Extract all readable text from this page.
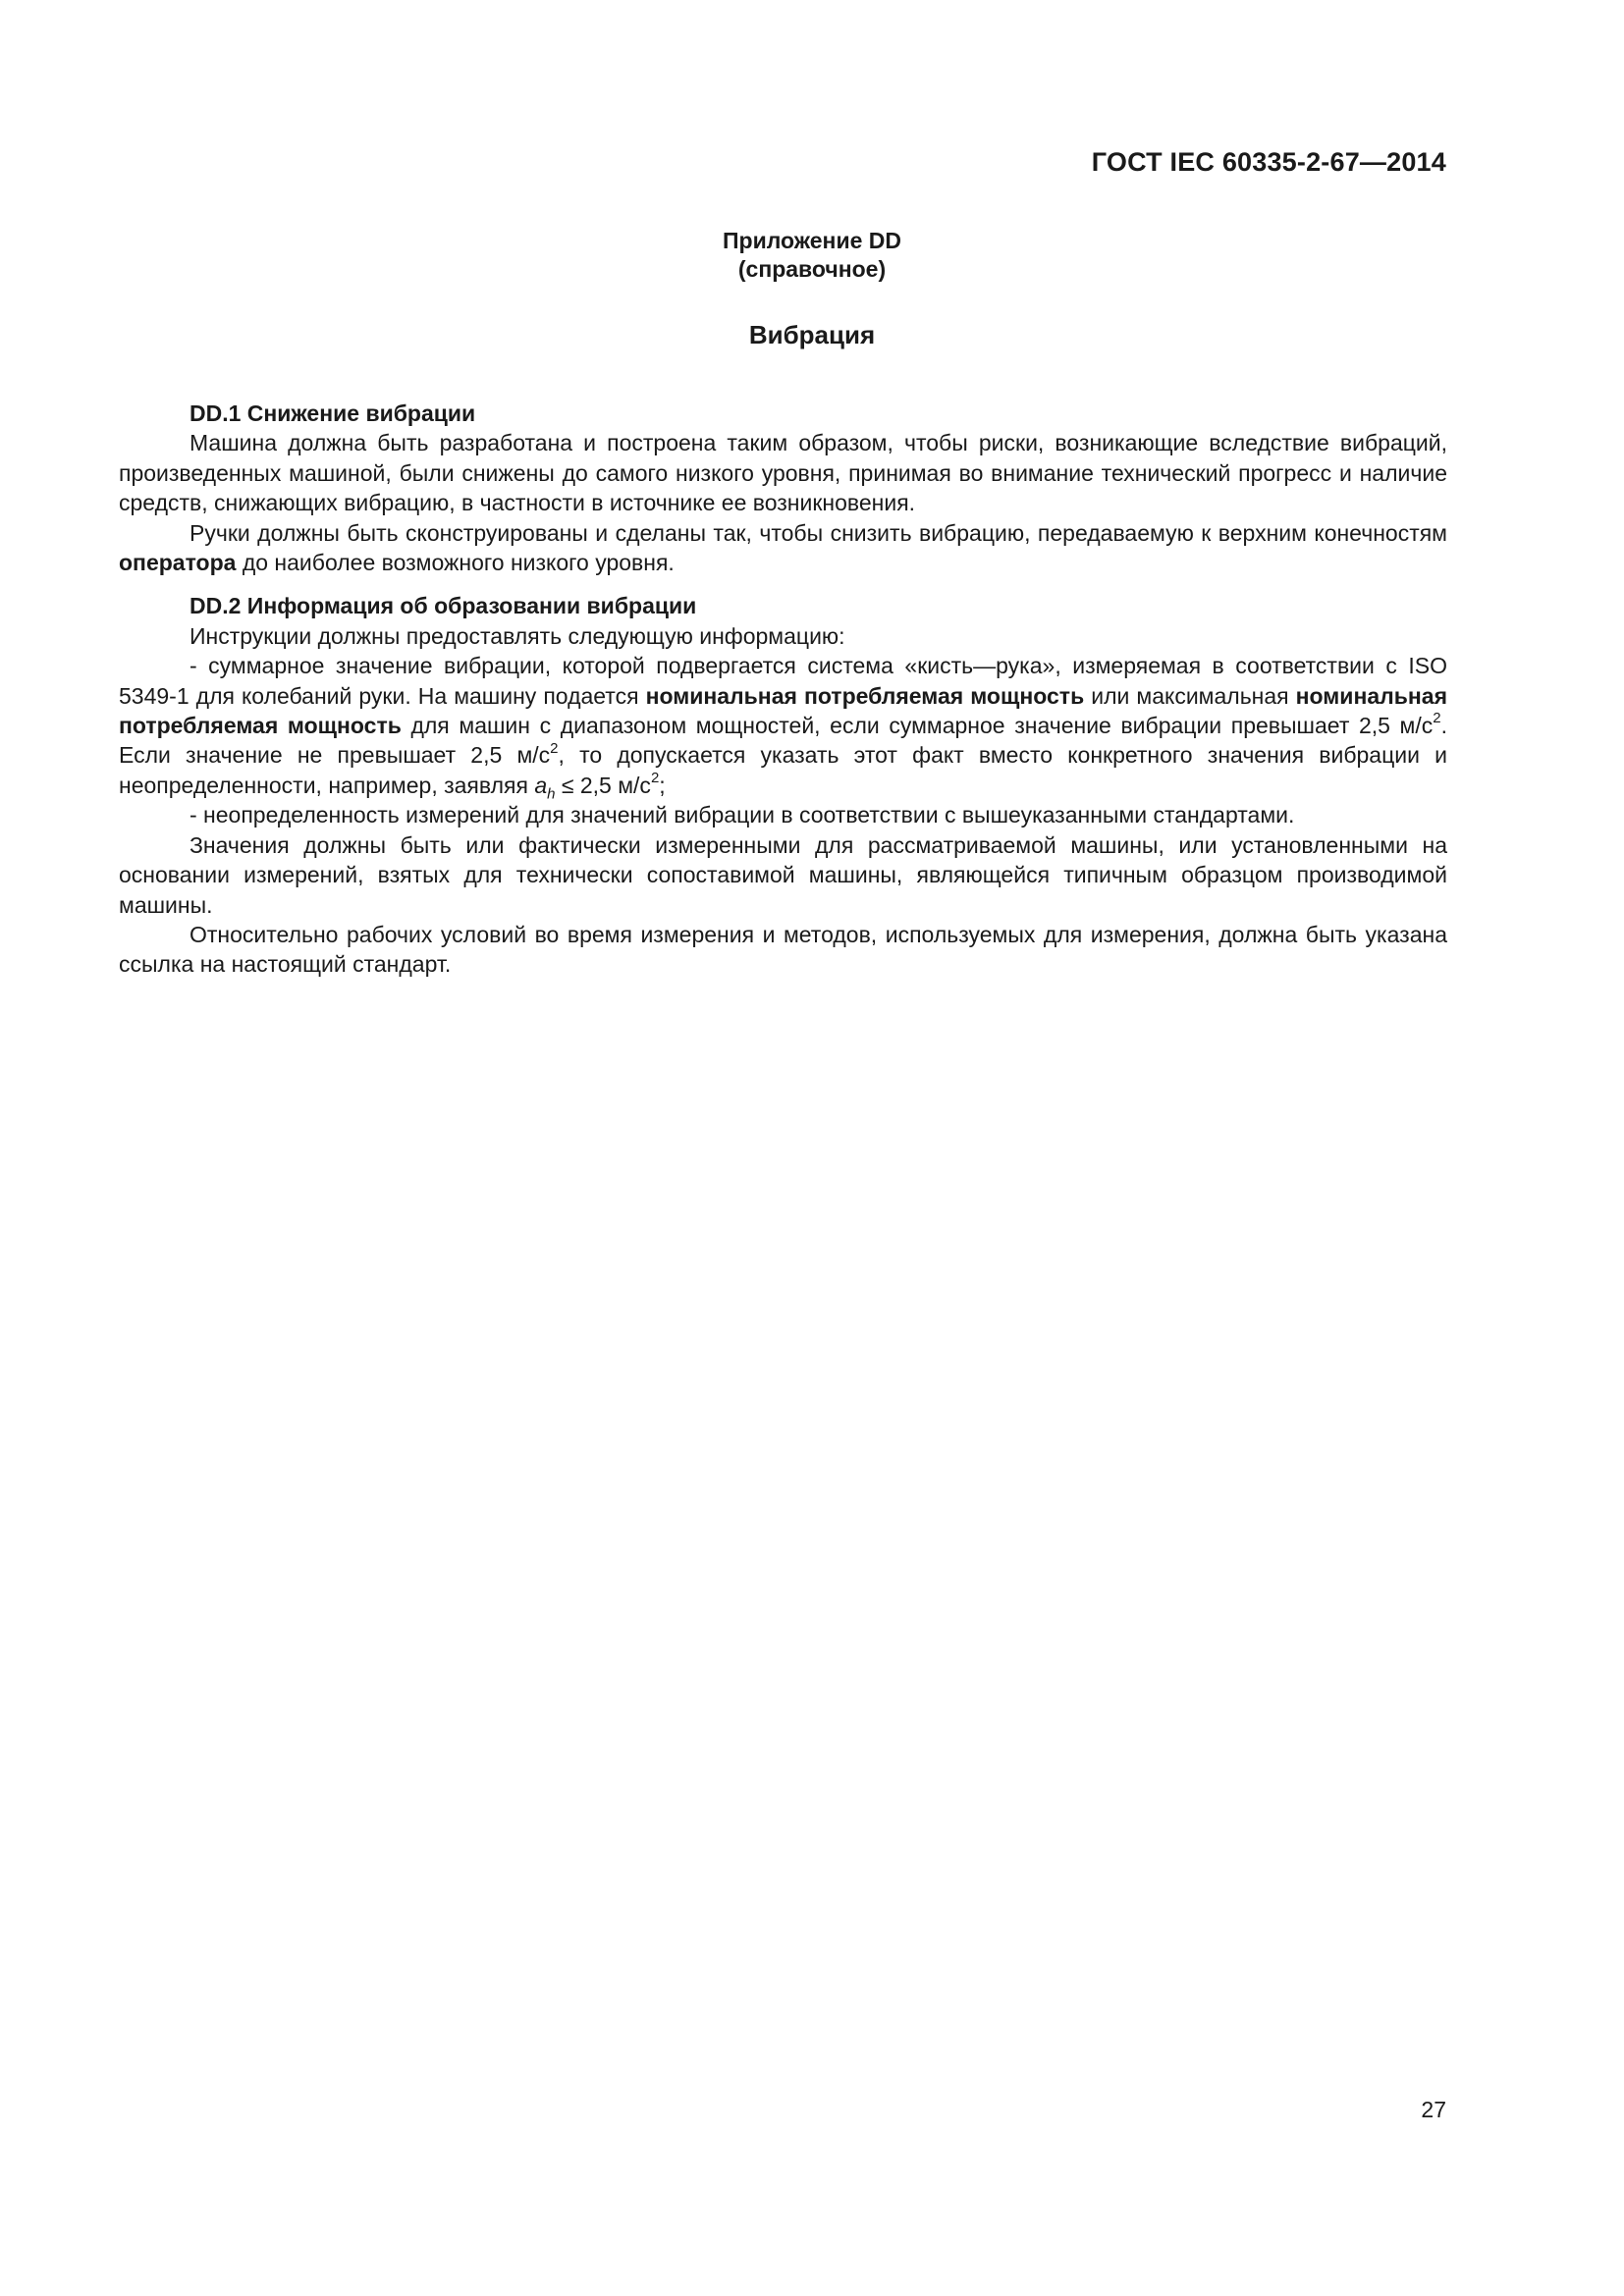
ГОСТ IEC 60335-2-67—2014
Приложение DD
(справочное)
Вибрация

DD.1 Снижение вибрации

Машина должна быть разработана и построена таким образом, чтобы риски, возникающие вследствие вибраций, произведенных машиной, были снижены до самого низкого уровня, принимая во внимание технический прогресс и наличие средств, снижающих вибрацию, в частности в источнике ее возникновения.

Ручки должны быть сконструированы и сделаны так, чтобы снизить вибрацию, передаваемую к верхним конечностям оператора до наиболее возможного низкого уровня.

DD.2 Информация об образовании вибрации

Инструкции должны предоставлять следующую информацию:

- суммарное значение вибрации, которой подвергается система «кисть—рука», измеряемая в соответствии с ISO 5349-1 для колебаний руки. На машину подается номинальная потребляемая мощность или максимальная номинальная потребляемая мощность для машин с диапазоном мощностей, если суммарное значение вибрации превышает 2,5 $м/с^2$. Если значение не превышает 2,5 $м/с^2$, то допускается указать этот факт вместо конкретного значения вибрации и неопределенности, например, заявляя $a_h \le 2,5$ $м/с^2$;

- неопределенность измерений для значений вибрации в соответствии с вышеуказанными стандартами.

Значения должны быть или фактически измеренными для рассматриваемой машины, или установленными на основании измерений, взятых для технически сопоставимой машины, являющейся типичным образцом производимой машины.

Относительно рабочих условий во время измерения и методов, используемых для измерения, должна быть указана ссылка на настоящий стандарт.

27
